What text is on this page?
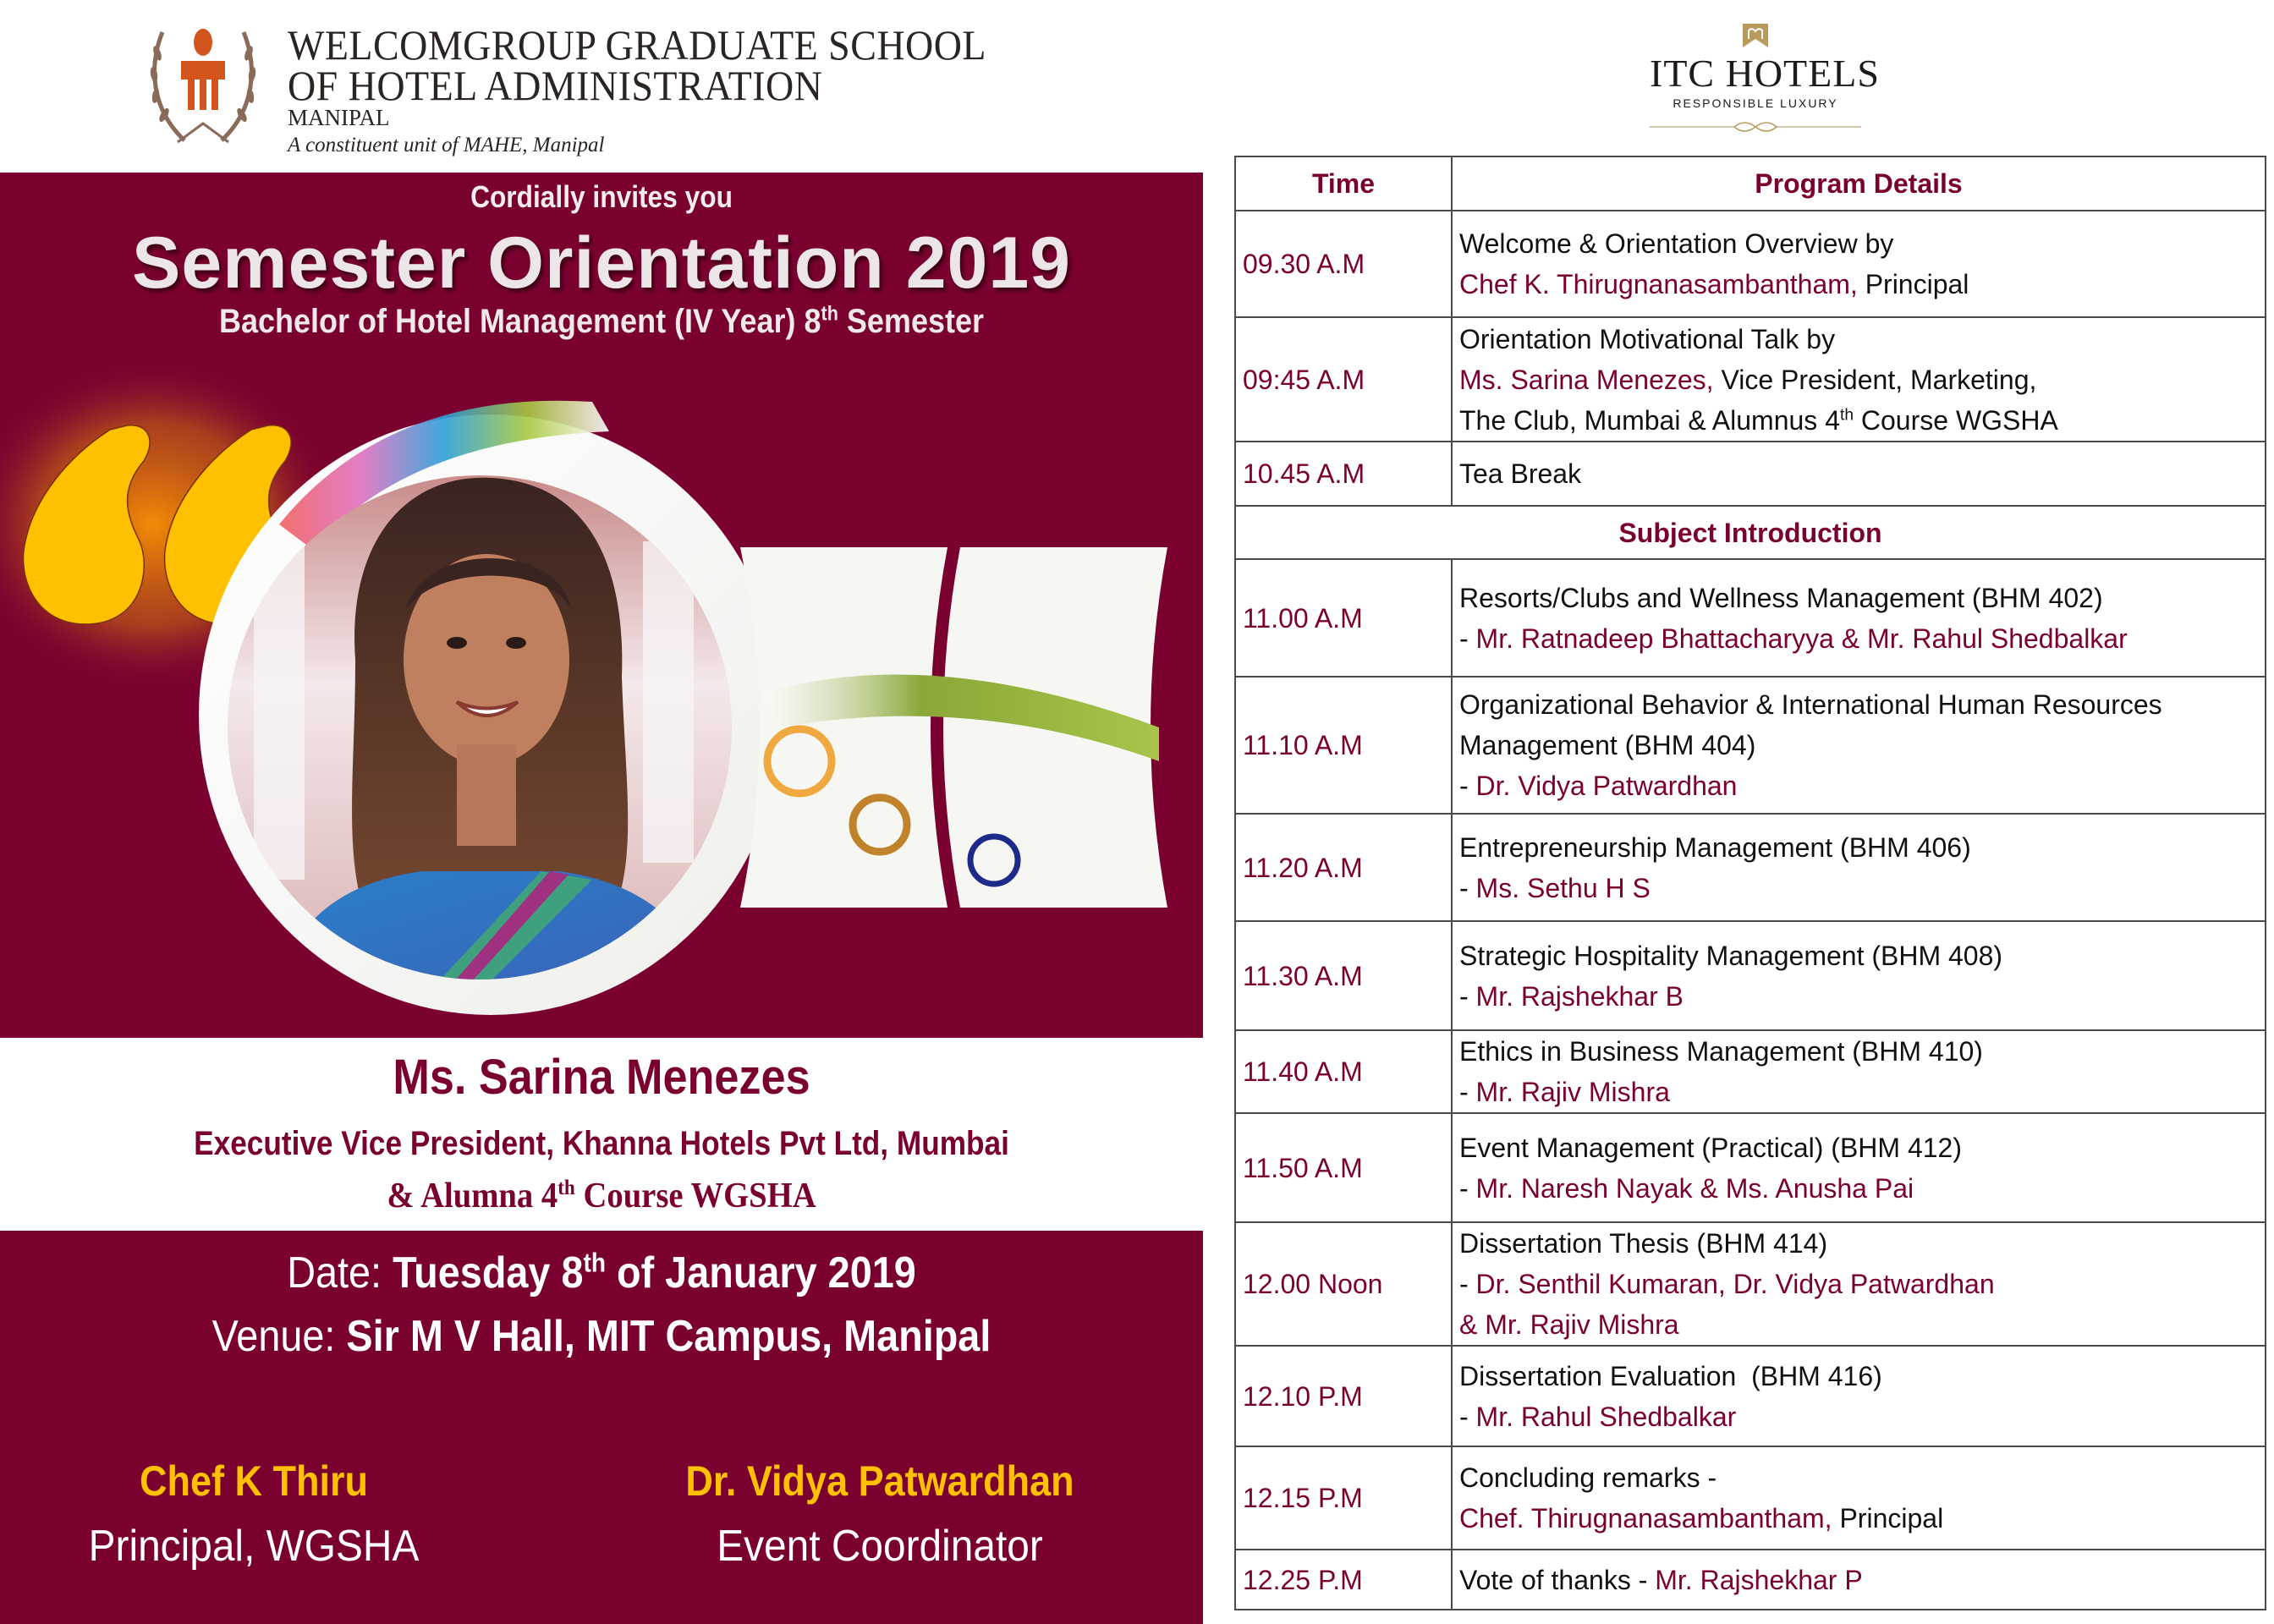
WELCOMGROUP GRADUATE SCHOOL
OF HOTEL ADMINISTRATION
MANIPAL
A constituent unit of MAHE, Manipal
ITC HOTELS
RESPONSIBLE LUXURY
Cordially invites you
Semester Orientation 2019
Bachelor of Hotel Management (IV Year) 8th Semester
Ms. Sarina Menezes
Executive Vice President, Khanna Hotels Pvt Ltd, Mumbai
& Alumna 4th Course WGSHA
Date: Tuesday 8th of January 2019
Venue: Sir M V Hall, MIT Campus, Manipal
Chef K Thiru
Principal, WGSHA
Dr. Vidya Patwardhan
Event Coordinator
Time	Program Details
09.30 A.M	Welcome & Orientation Overview by
Chef K. Thirugnanasambantham, Principal

09:45 A.M	Orientation Motivational Talk by
Ms. Sarina Menezes, Vice President, Marketing,
The Club, Mumbai & Alumnus 4th Course WGSHA

10.45 A.M	Tea Break
Subject Introduction	
11.00 A.M	Resorts/Clubs and Wellness Management (BHM 402)
- Mr. Ratnadeep Bhattacharyya & Mr. Rahul Shedbalkar

11.10 A.M	Organizational Behavior & International Human Resources
Management (BHM 404)
- Dr. Vidya Patwardhan

11.20 A.M	Entrepreneurship Management (BHM 406)
- Ms. Sethu H S

11.30 A.M	Strategic Hospitality Management (BHM 408)
- Mr. Rajshekhar B

11.40 A.M	Ethics in Business Management (BHM 410)
- Mr. Rajiv Mishra

11.50 A.M	Event Management (Practical) (BHM 412)
- Mr. Naresh Nayak & Ms. Anusha Pai

12.00 Noon	Dissertation Thesis (BHM 414)
- Dr. Senthil Kumaran, Dr. Vidya Patwardhan
& Mr. Rajiv Mishra

12.10 P.M	Dissertation Evaluation  (BHM 416)
- Mr. Rahul Shedbalkar

12.15 P.M	Concluding remarks -
Chef. Thirugnanasambantham, Principal

12.25 P.M	Vote of thanks - Mr. Rajshekhar P
